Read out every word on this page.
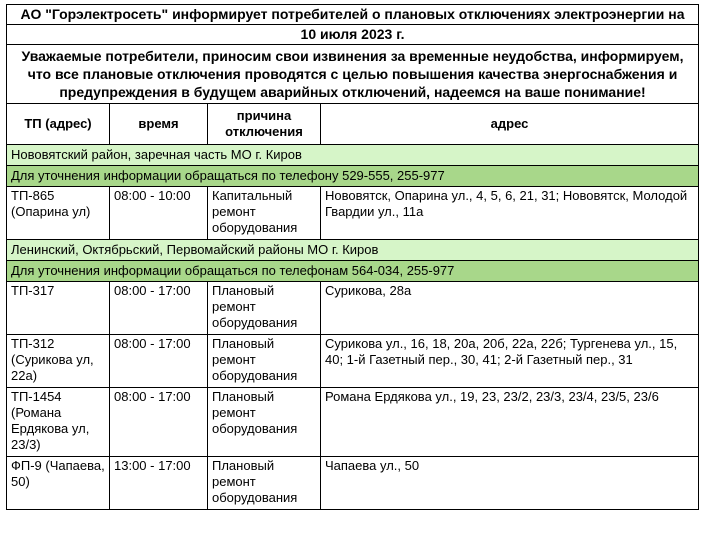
АО "Горэлектросеть" информирует потребителей о плановых отключениях электроэнергии на			
10 июля 2023 г.			
Уважаемые потребители, приносим свои извинения за временные неудобства, информируем, что все плановые отключения проводятся с целью повышения качества энергоснабжения и предупреждения в будущем аварийных отключений, надеемся на ваше понимание!			
ТП (адрес)	время	причина отключения	адрес
Нововятский район, заречная часть МО г. Киров			
Для уточнения информации обращаться по телефону 529-555, 255-977			
ТП-865 (Опарина ул)	08:00 - 10:00	Капитальный ремонт оборудования	Нововятск, Опарина ул., 4, 5, 6, 21, 31; Нововятск, Молодой Гвардии ул., 11а
Ленинский, Октябрьский, Первомайский районы МО г. Киров			
Для уточнения информации обращаться по телефонам 564-034, 255-977			
ТП-317	08:00 - 17:00	Плановый ремонт оборудования	Сурикова, 28а
ТП-312 (Сурикова ул, 22а)	08:00 - 17:00	Плановый ремонт оборудования	Сурикова ул., 16, 18, 20а, 20б, 22а, 22б; Тургенева ул., 15, 40; 1-й Газетный пер., 30, 41; 2-й Газетный пер., 31
ТП-1454 (Романа Ердякова ул, 23/3)	08:00 - 17:00	Плановый ремонт оборудования	Романа Ердякова ул., 19, 23, 23/2, 23/3, 23/4, 23/5, 23/6
ФП-9 (Чапаева, 50)	13:00 - 17:00	Плановый ремонт оборудования	Чапаева ул., 50
